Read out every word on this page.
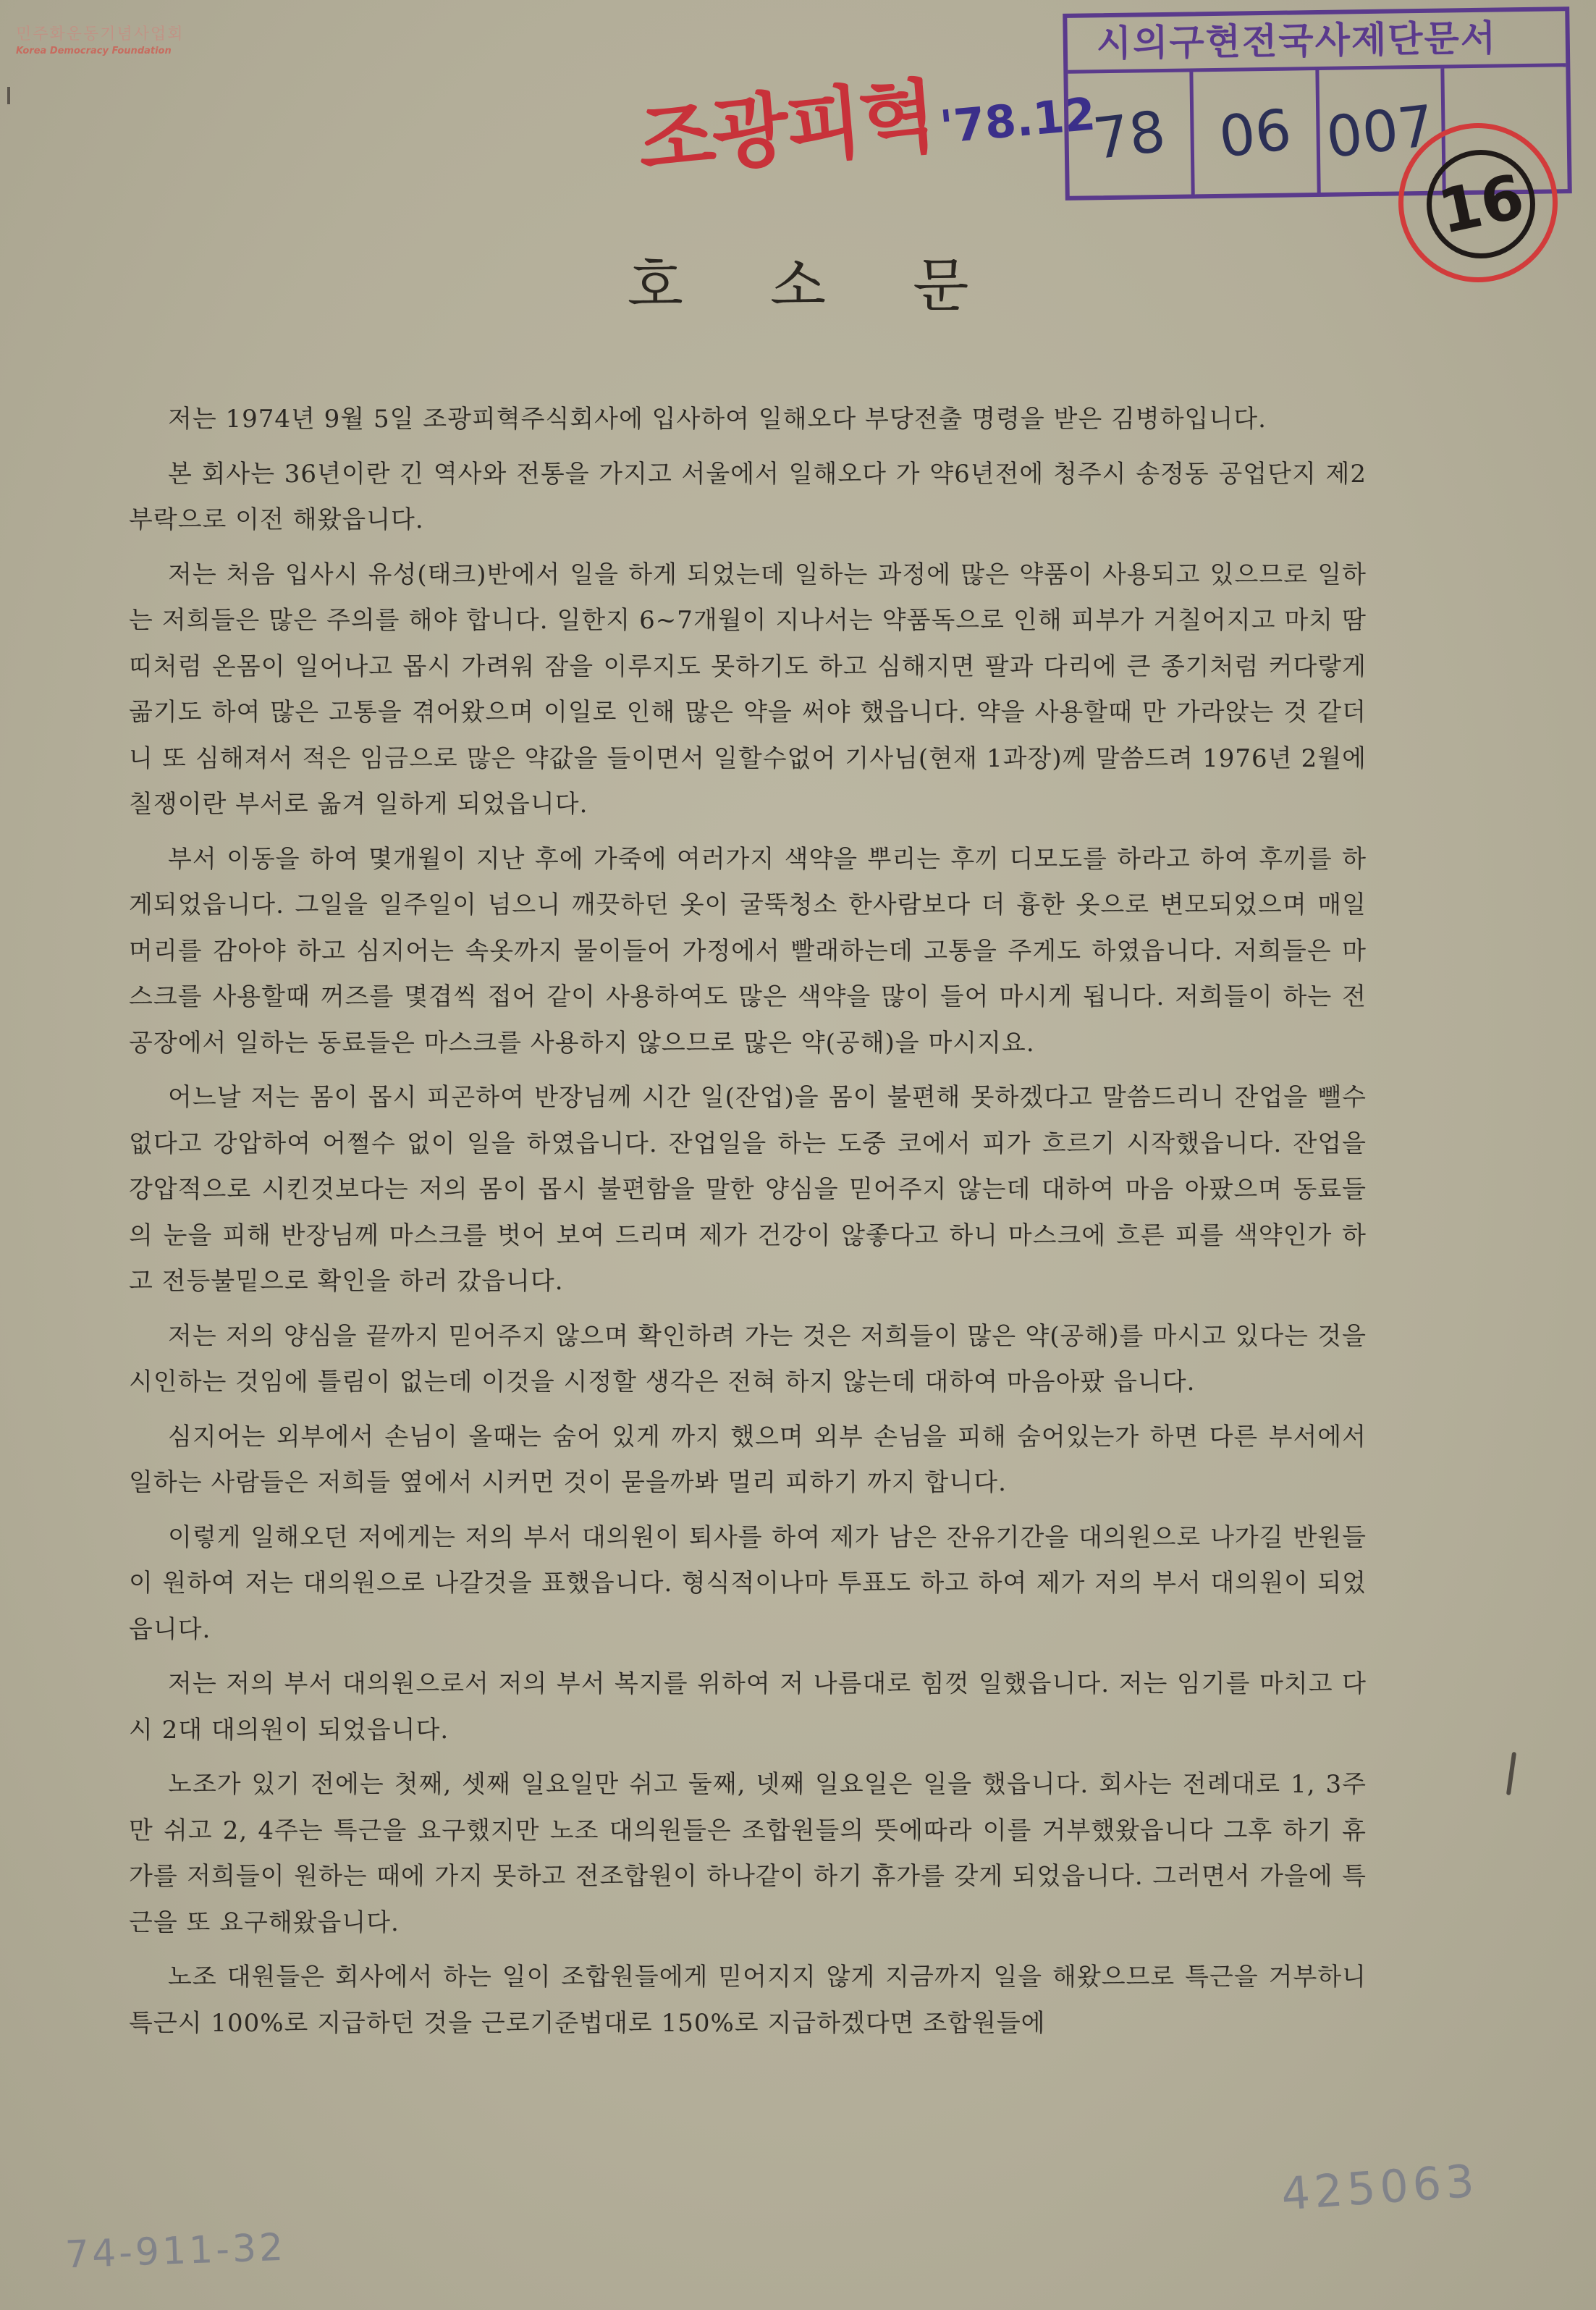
민주화운동기념사업회
Korea Democracy Foundation
조광피혁'78.12
시의구현전국사제단문서
78 06 007
16
호소문

저는 1974년 9월 5일 조광피혁주식회사에 입사하여 일해오다 부당전출 명령을 받은 김병하입니다.

본 회사는 36년이란 긴 역사와 전통을 가지고 서울에서 일해오다 가 약6년전에 청주시 송정동 공업단지 제2부락으로 이전 해왔읍니다.

저는 처음 입사시 유성(태크)반에서 일을 하게 되었는데 일하는 과정에 많은 약품이 사용되고 있으므로 일하는 저희들은 많은 주의를 해야 합니다. 일한지 6~7개월이 지나서는 약품독으로 인해 피부가 거칠어지고 마치 땀띠처럼 온몸이 일어나고 몹시 가려워 잠을 이루지도 못하기도 하고 심해지면 팔과 다리에 큰 종기처럼 커다랗게 곪기도 하여 많은 고통을 겪어왔으며 이일로 인해 많은 약을 써야 했읍니다. 약을 사용할때 만 가라앉는 것 같더니 또 심해져서 적은 임금으로 많은 약값을 들이면서 일할수없어 기사님(현재 1과장)께 말씀드려 1976년 2월에 칠쟁이란 부서로 옮겨 일하게 되었읍니다.

부서 이동을 하여 몇개월이 지난 후에 가죽에 여러가지 색약을 뿌리는 후끼 디모도를 하라고 하여 후끼를 하게되었읍니다. 그일을 일주일이 넘으니 깨끗하던 옷이 굴뚝청소 한사람보다 더 흉한 옷으로 변모되었으며 매일 머리를 감아야 하고 심지어는 속옷까지 물이들어 가정에서 빨래하는데 고통을 주게도 하였읍니다. 저희들은 마스크를 사용할때 꺼즈를 몇겹씩 접어 같이 사용하여도 많은 색약을 많이 들어 마시게 됩니다. 저희들이 하는 전 공장에서 일하는 동료들은 마스크를 사용하지 않으므로 많은 약(공해)을 마시지요.

어느날 저는 몸이 몹시 피곤하여 반장님께 시간 일(잔업)을 몸이 불편해 못하겠다고 말씀드리니 잔업을 뺄수 없다고 강압하여 어쩔수 없이 일을 하였읍니다. 잔업일을 하는 도중 코에서 피가 흐르기 시작했읍니다. 잔업을 강압적으로 시킨것보다는 저의 몸이 몹시 불편함을 말한 양심을 믿어주지 않는데 대하여 마음 아팠으며 동료들의 눈을 피해 반장님께 마스크를 벗어 보여 드리며 제가 건강이 않좋다고 하니 마스크에 흐른 피를 색약인가 하고 전등불밑으로 확인을 하러 갔읍니다.

저는 저의 양심을 끝까지 믿어주지 않으며 확인하려 가는 것은 저희들이 많은 약(공해)를 마시고 있다는 것을 시인하는 것임에 틀림이 없는데 이것을 시정할 생각은 전혀 하지 않는데 대하여 마음아팠 읍니다.

심지어는 외부에서 손님이 올때는 숨어 있게 까지 했으며 외부 손님을 피해 숨어있는가 하면 다른 부서에서 일하는 사람들은 저희들 옆에서 시커먼 것이 묻을까봐 멀리 피하기 까지 합니다.

이렇게 일해오던 저에게는 저의 부서 대의원이 퇴사를 하여 제가 남은 잔유기간을 대의원으로 나가길 반원들이 원하여 저는 대의원으로 나갈것을 표했읍니다. 형식적이나마 투표도 하고 하여 제가 저의 부서 대의원이 되었읍니다.

저는 저의 부서 대의원으로서 저의 부서 복지를 위하여 저 나름대로 힘껏 일했읍니다. 저는 임기를 마치고 다시 2대 대의원이 되었읍니다.

노조가 있기 전에는 첫째, 셋째 일요일만 쉬고 둘째, 넷째 일요일은 일을 했읍니다. 회사는 전례대로 1, 3주만 쉬고 2, 4주는 특근을 요구했지만 노조 대의원들은 조합원들의 뜻에따라 이를 거부했왔읍니다 그후 하기 휴가를 저희들이 원하는 때에 가지 못하고 전조합원이 하나같이 하기 휴가를 갖게 되었읍니다. 그러면서 가을에 특근을 또 요구해왔읍니다.

노조 대원들은 회사에서 하는 일이 조합원들에게 믿어지지 않게 지금까지 일을 해왔으므로 특근을 거부하니 특근시 100%로 지급하던 것을 근로기준법대로 150%로 지급하겠다면 조합원들에

74-911-32
425063
